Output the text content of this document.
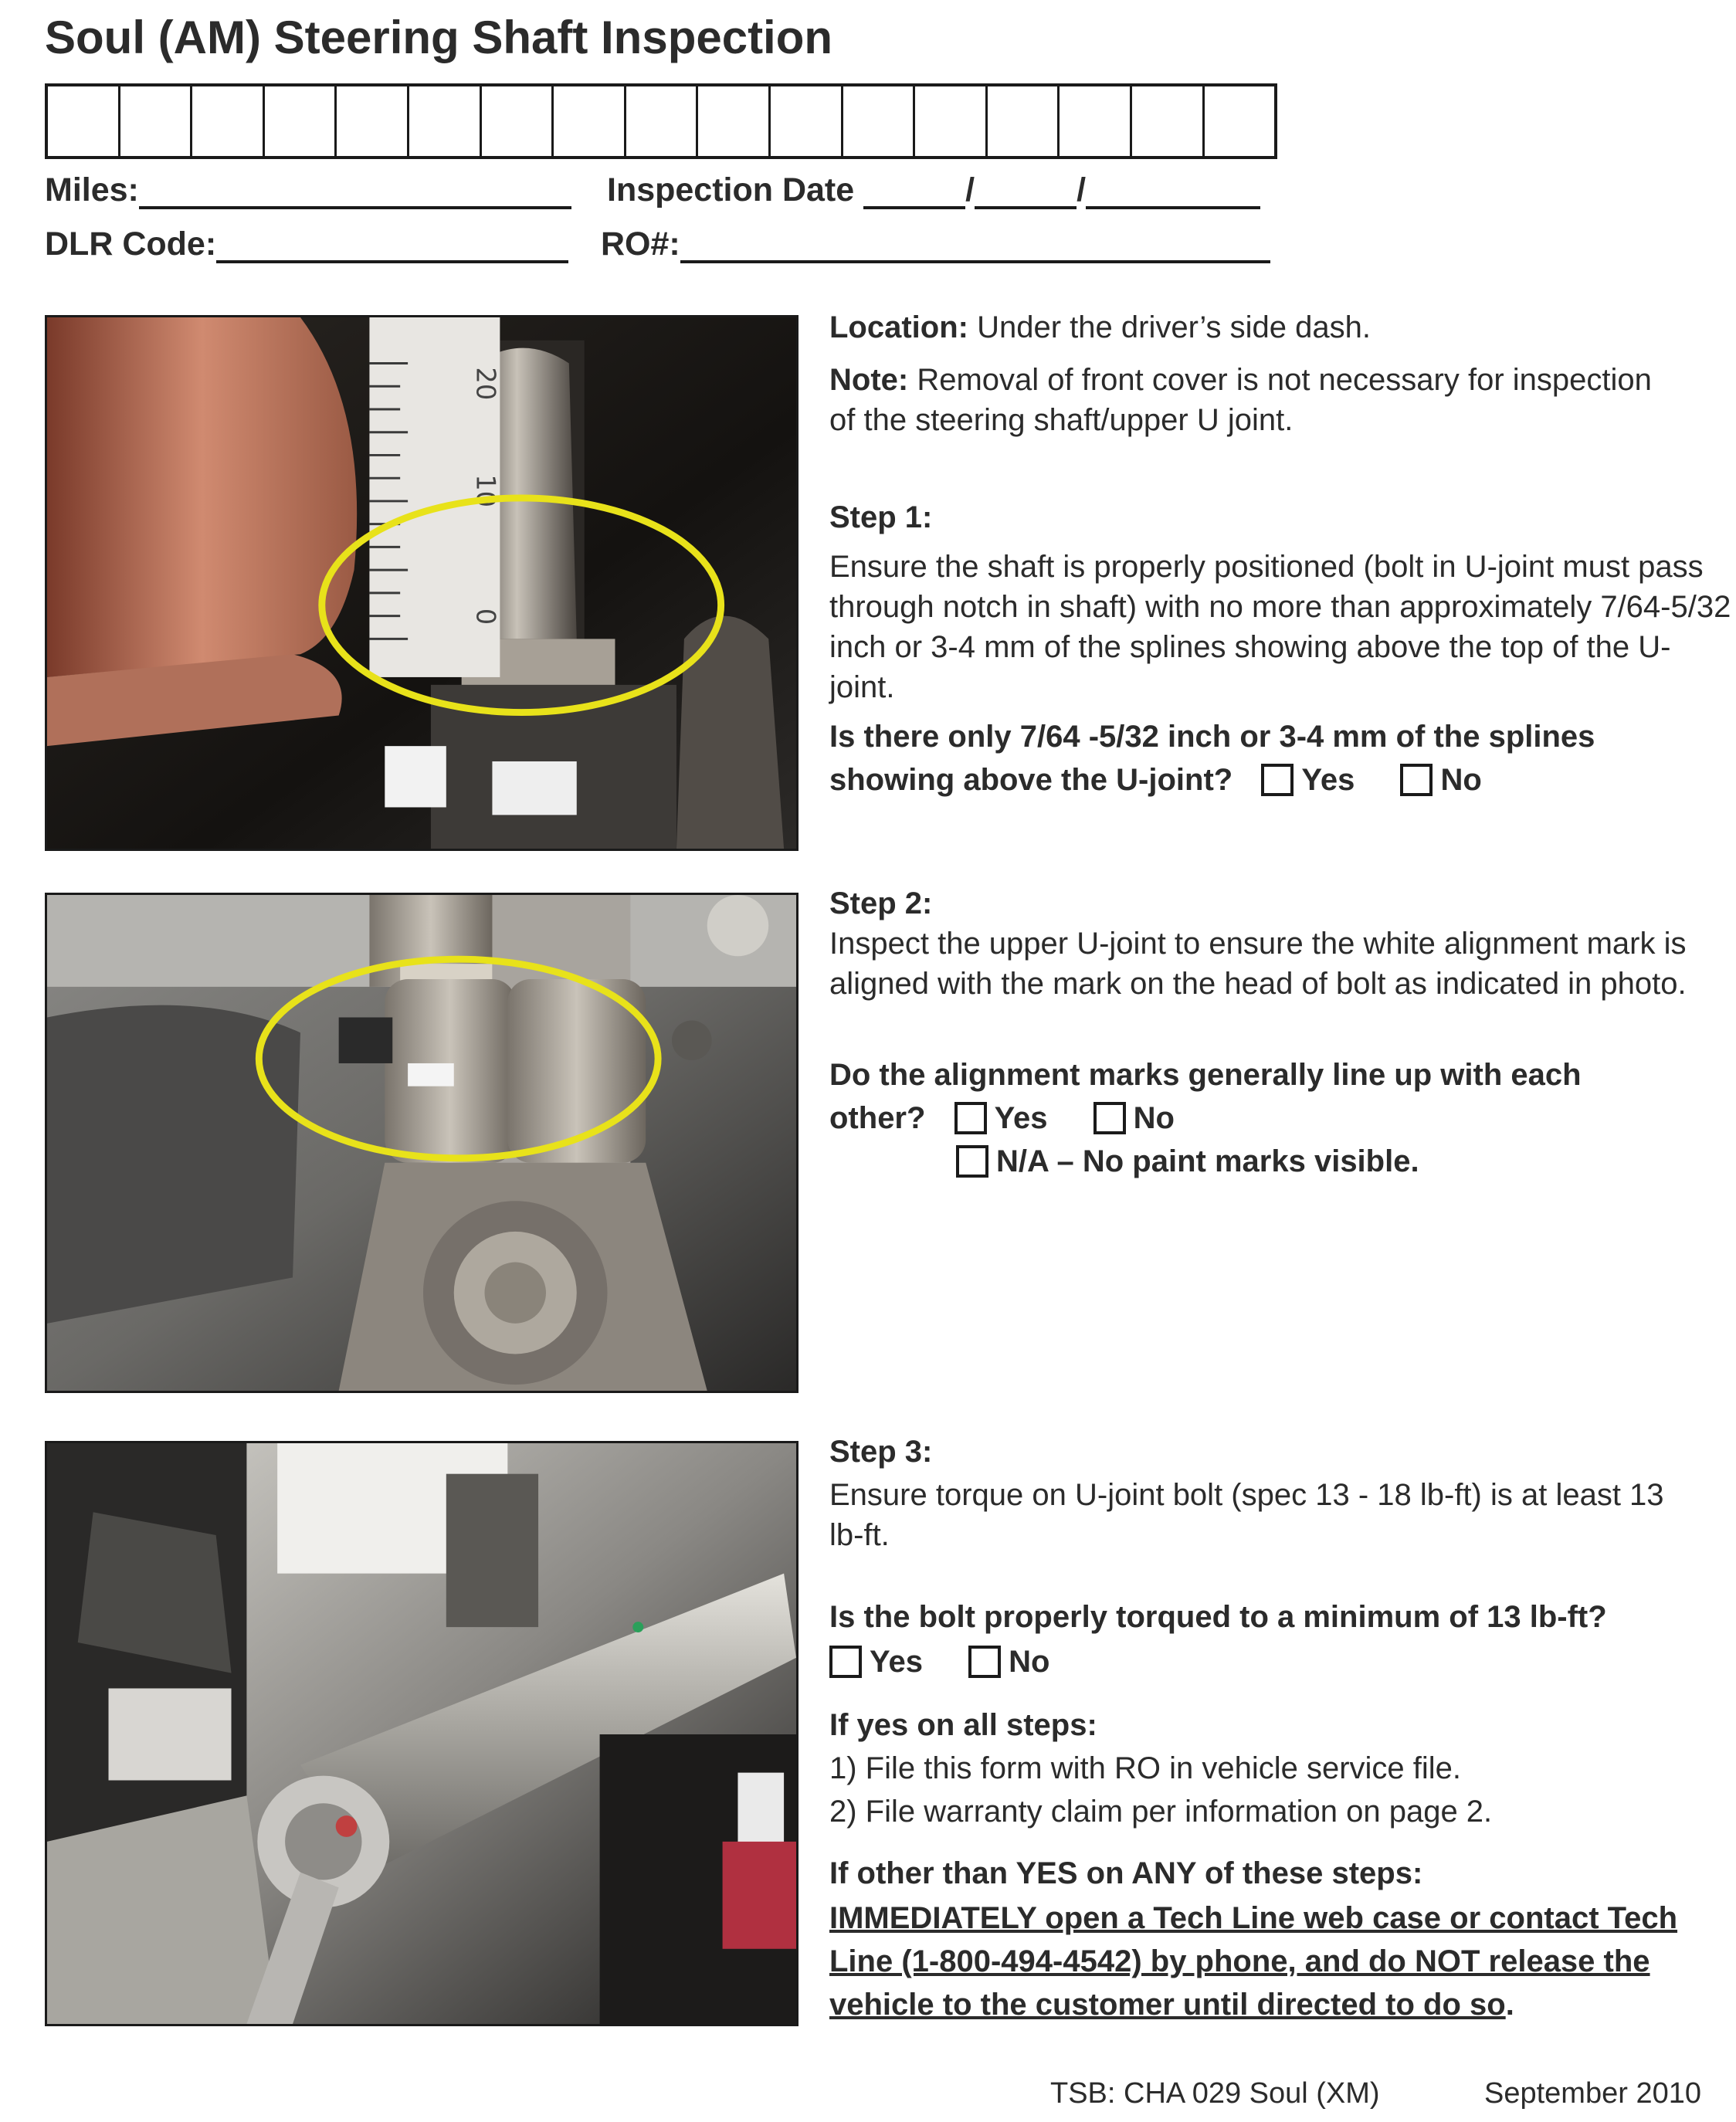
Soul (AM) Steering Shaft Inspection
Miles:	Inspection Date	/	/
DLR Code:	RO#:
20
10
0
Location: Under the driver’s side dash.
Note: Removal of front cover is not necessary for inspection of the steering shaft/upper U joint.
Step 1:
Ensure the shaft is properly positioned (bolt in U-joint must pass through notch in shaft) with no more than approximately 7/64-5/32 inch or 3-4 mm of the splines showing above the top of the U-joint.
Is there only 7/64 -5/32 inch or 3-4 mm of the splines
showing above the U-joint? Yes	No
Step 2:
Inspect the upper U-joint to ensure the white alignment mark is aligned with the mark on the head of bolt as indicated in photo.
Do the alignment marks generally line up with each
other? Yes	No
N/A – No paint marks visible.
Step 3:
Ensure torque on U-joint bolt (spec 13 - 18 lb-ft) is at least 13 lb-ft.
Is the bolt properly torqued to a minimum of 13 lb-ft?
Yes	No
If yes on all steps:
1) File this form with RO in vehicle service file.
2) File warranty claim per information on page 2.
If other than YES on ANY of these steps:
IMMEDIATELY open a Tech Line web case or contact Tech
Line (1-800-494-4542) by phone, and do NOT release the
vehicle to the customer until directed to do so.
TSB: CHA 029 Soul (XM)	September 2010
